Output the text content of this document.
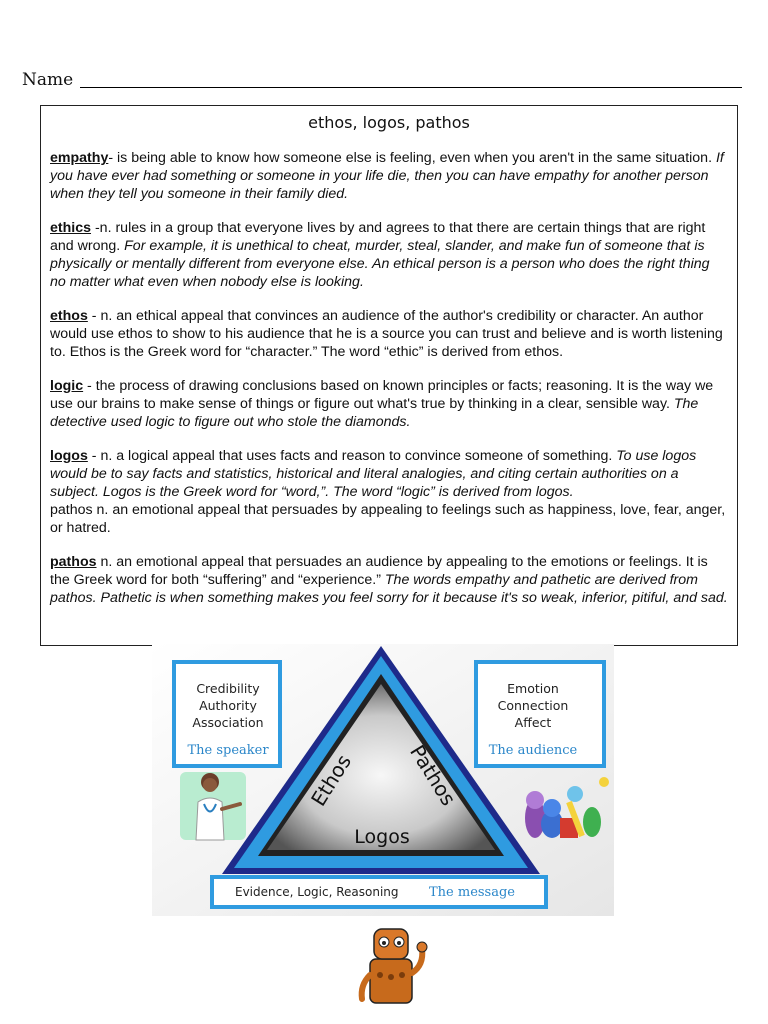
Name
ethos, logos, pathos

empathy- is being able to know how someone else is feeling, even when you aren't in the same situation. If you have ever had something or someone in your life die, then you can have empathy for another person when they tell you someone in their family died.

ethics -n. rules in a group that everyone lives by and agrees to that there are certain things that are right and wrong. For example, it is unethical to cheat, murder, steal, slander, and make fun of someone that is physically or mentally different from everyone else. An ethical person is a person who does the right thing no matter what even when nobody else is looking.

ethos - n. an ethical appeal that convinces an audience of the author's credibility or character. An author would use ethos to show to his audience that he is a source you can trust and believe and is worth listening to. Ethos is the Greek word for “character.” The word “ethic” is derived from ethos.

logic - the process of drawing conclusions based on known principles or facts; reasoning. It is the way we use our brains to make sense of things or figure out what's true by thinking in a clear, sensible way. The detective used logic to figure out who stole the diamonds.

logos - n. a logical appeal that uses facts and reason to convince someone of something. To use logos would be to say facts and statistics, historical and literal analogies, and citing certain authorities on a subject. Logos is the Greek word for “word,”. The word “logic” is derived from logos.
pathos n. an emotional appeal that persuades by appealing to feelings such as happiness, love, fear, anger, or hatred.

pathos n. an emotional appeal that persuades an audience by appealing to the emotions or feelings. It is the Greek word for both “suffering” and “experience.” The words empathy and pathetic are derived from pathos. Pathetic is when something makes you feel sorry for it because it's so weak, inferior, pitiful, and sad.

Ethos Pathos
Logos
Credibility
Authority
Association
The speaker
Emotion
Connection
Affect
The audience
Evidence, Logic, Reasoning The message
